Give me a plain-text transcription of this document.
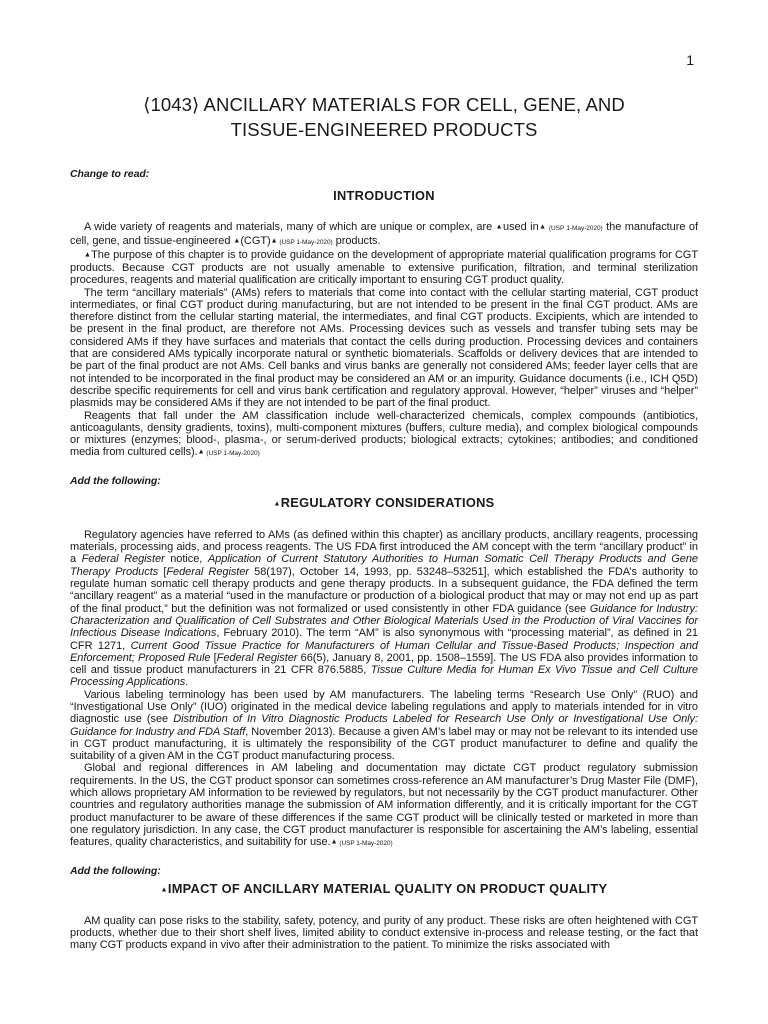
1
⟨1043⟩ ANCILLARY MATERIALS FOR CELL, GENE, AND
TISSUE-ENGINEERED PRODUCTS

Change to read:

INTRODUCTION

A wide variety of reagents and materials, many of which are unique or complex, are ▲used in▲ (USP 1-May-2020) the manufacture of cell, gene, and tissue-engineered ▲(CGT)▲ (USP 1-May-2020) products.

▲The purpose of this chapter is to provide guidance on the development of appropriate material qualification programs for CGT products. Because CGT products are not usually amenable to extensive purification, filtration, and terminal sterilization procedures, reagents and material qualification are critically important to ensuring CGT product quality.

The term “ancillary materials” (AMs) refers to materials that come into contact with the cellular starting material, CGT product intermediates, or final CGT product during manufacturing, but are not intended to be present in the final CGT product. AMs are therefore distinct from the cellular starting material, the intermediates, and final CGT products. Excipients, which are intended to be present in the final product, are therefore not AMs. Processing devices such as vessels and transfer tubing sets may be considered AMs if they have surfaces and materials that contact the cells during production. Processing devices and containers that are considered AMs typically incorporate natural or synthetic biomaterials. Scaffolds or delivery devices that are intended to be part of the final product are not AMs. Cell banks and virus banks are generally not considered AMs; feeder layer cells that are not intended to be incorporated in the final product may be considered an AM or an impurity. Guidance documents (i.e., ICH Q5D) describe specific requirements for cell and virus bank certification and regulatory approval. However, “helper” viruses and “helper” plasmids may be considered AMs if they are not intended to be part of the final product.

Reagents that fall under the AM classification include well-characterized chemicals, complex compounds (antibiotics, anticoagulants, density gradients, toxins), multi-component mixtures (buffers, culture media), and complex biological compounds or mixtures (enzymes; blood-, plasma-, or serum-derived products; biological extracts; cytokines; antibodies; and conditioned media from cultured cells).▲ (USP 1-May-2020)

Add the following:

▲REGULATORY CONSIDERATIONS

Regulatory agencies have referred to AMs (as defined within this chapter) as ancillary products, ancillary reagents, processing materials, processing aids, and process reagents. The US FDA first introduced the AM concept with the term “ancillary product” in a Federal Register notice, Application of Current Statutory Authorities to Human Somatic Cell Therapy Products and Gene Therapy Products [Federal Register 58(197), October 14, 1993, pp. 53248–53251], which established the FDA’s authority to regulate human somatic cell therapy products and gene therapy products. In a subsequent guidance, the FDA defined the term “ancillary reagent” as a material “used in the manufacture or production of a biological product that may or may not end up as part of the final product,” but the definition was not formalized or used consistently in other FDA guidance (see Guidance for Industry: Characterization and Qualification of Cell Substrates and Other Biological Materials Used in the Production of Viral Vaccines for Infectious Disease Indications, February 2010). The term “AM” is also synonymous with “processing material”, as defined in 21 CFR 1271, Current Good Tissue Practice for Manufacturers of Human Cellular and Tissue-Based Products; Inspection and Enforcement; Proposed Rule [Federal Register 66(5), January 8, 2001, pp. 1508–1559]. The US FDA also provides information to cell and tissue product manufacturers in 21 CFR 876.5885, Tissue Culture Media for Human Ex Vivo Tissue and Cell Culture Processing Applications.

Various labeling terminology has been used by AM manufacturers. The labeling terms “Research Use Only” (RUO) and “Investigational Use Only” (IUO) originated in the medical device labeling regulations and apply to materials intended for in vitro diagnostic use (see Distribution of In Vitro Diagnostic Products Labeled for Research Use Only or Investigational Use Only: Guidance for Industry and FDA Staff, November 2013). Because a given AM’s label may or may not be relevant to its intended use in CGT product manufacturing, it is ultimately the responsibility of the CGT product manufacturer to define and qualify the suitability of a given AM in the CGT product manufacturing process.

Global and regional differences in AM labeling and documentation may dictate CGT product regulatory submission requirements. In the US, the CGT product sponsor can sometimes cross-reference an AM manufacturer’s Drug Master File (DMF), which allows proprietary AM information to be reviewed by regulators, but not necessarily by the CGT product manufacturer. Other countries and regulatory authorities manage the submission of AM information differently, and it is critically important for the CGT product manufacturer to be aware of these differences if the same CGT product will be clinically tested or marketed in more than one regulatory jurisdiction. In any case, the CGT product manufacturer is responsible for ascertaining the AM’s labeling, essential features, quality characteristics, and suitability for use.▲ (USP 1-May-2020)

Add the following:

▲IMPACT OF ANCILLARY MATERIAL QUALITY ON PRODUCT QUALITY

AM quality can pose risks to the stability, safety, potency, and purity of any product. These risks are often heightened with CGT products, whether due to their short shelf lives, limited ability to conduct extensive in-process and release testing, or the fact that many CGT products expand in vivo after their administration to the patient. To minimize the risks associated with
